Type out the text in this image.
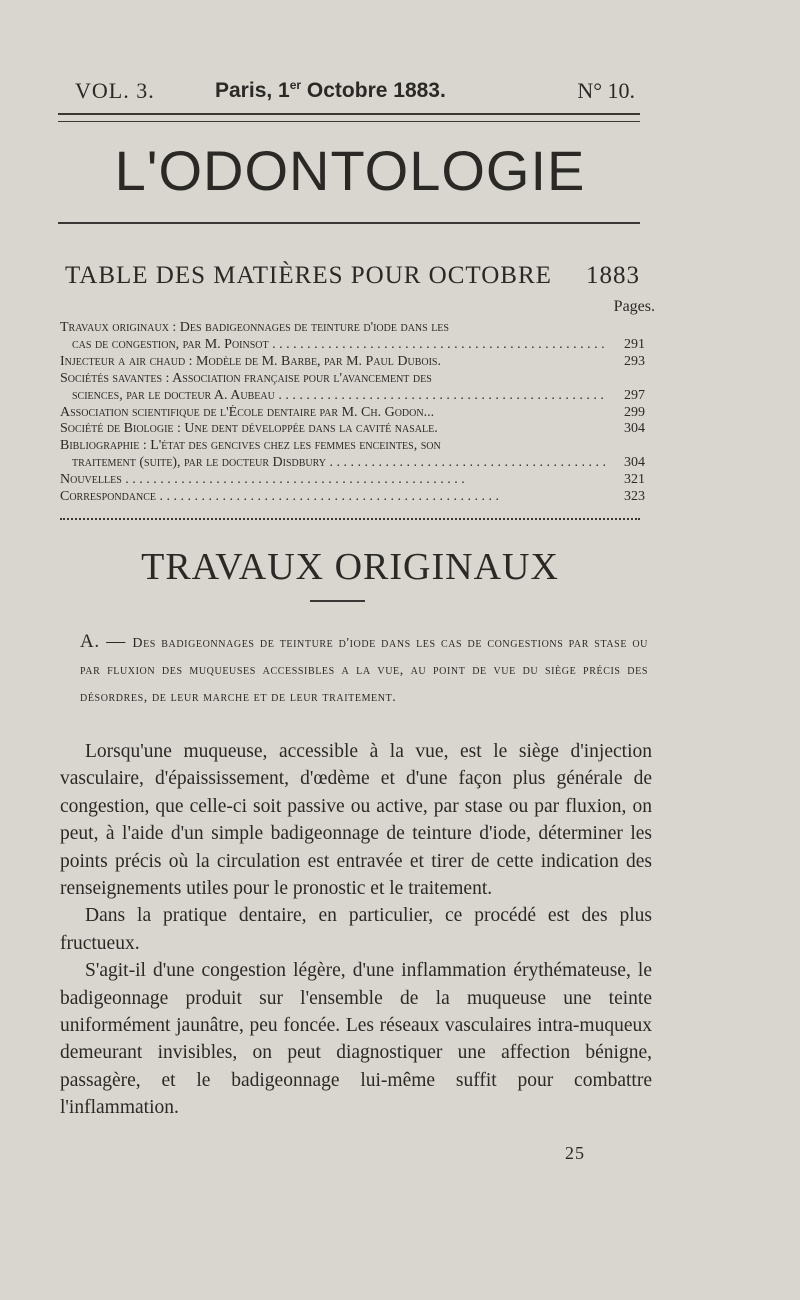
VOL. 3.	Paris, 1er Octobre 1883.	N° 10.
L'ODONTOLOGIE
TABLE DES MATIÈRES POUR OCTOBRE 1883
Pages.
Travaux originaux : Des badigeonnages de teinture d'iode dans les
cas de congestion, par M. Poinsot . . .	291
Injecteur a air chaud : Modèle de M. Barbe, par M. Paul Dubois.	293
Sociétés savantes : Association française pour l'avancement des
sciences, par le docteur A. Aubeau . . .	297
Association scientifique de l'École dentaire par M. Ch. Godon...	299
Société de Biologie : Une dent développée dans la cavité nasale.	304
Bibliographie : L'état des gencives chez les femmes enceintes, son
traitement (suite), par le docteur Disdbury . . .	304
Nouvelles . . .	321
Correspondance . . .	323
TRAVAUX ORIGINAUX
A. — Des badigeonnages de teinture d'iode dans les cas de congestions par stase ou par fluxion des muqueuses accessibles a la vue, au point de vue du siège précis des désordres, de leur marche et de leur traitement.

Lorsqu'une muqueuse, accessible à la vue, est le siège d'injection vasculaire, d'épaississement, d'œdème et d'une façon plus générale de congestion, que celle-ci soit passive ou active, par stase ou par fluxion, on peut, à l'aide d'un simple badigeonnage de teinture d'iode, déterminer les points précis où la circulation est entravée et tirer de cette indication des renseignements utiles pour le pronostic et le traitement.

Dans la pratique dentaire, en particulier, ce procédé est des plus fructueux.

S'agit-il d'une congestion légère, d'une inflammation érythémateuse, le badigeonnage produit sur l'ensemble de la muqueuse une teinte uniformément jaunâtre, peu foncée. Les réseaux vasculaires intra-muqueux demeurant invisibles, on peut diagnostiquer une affection bénigne, passagère, et le badigeonnage lui-même suffit pour combattre l'inflammation.

25
